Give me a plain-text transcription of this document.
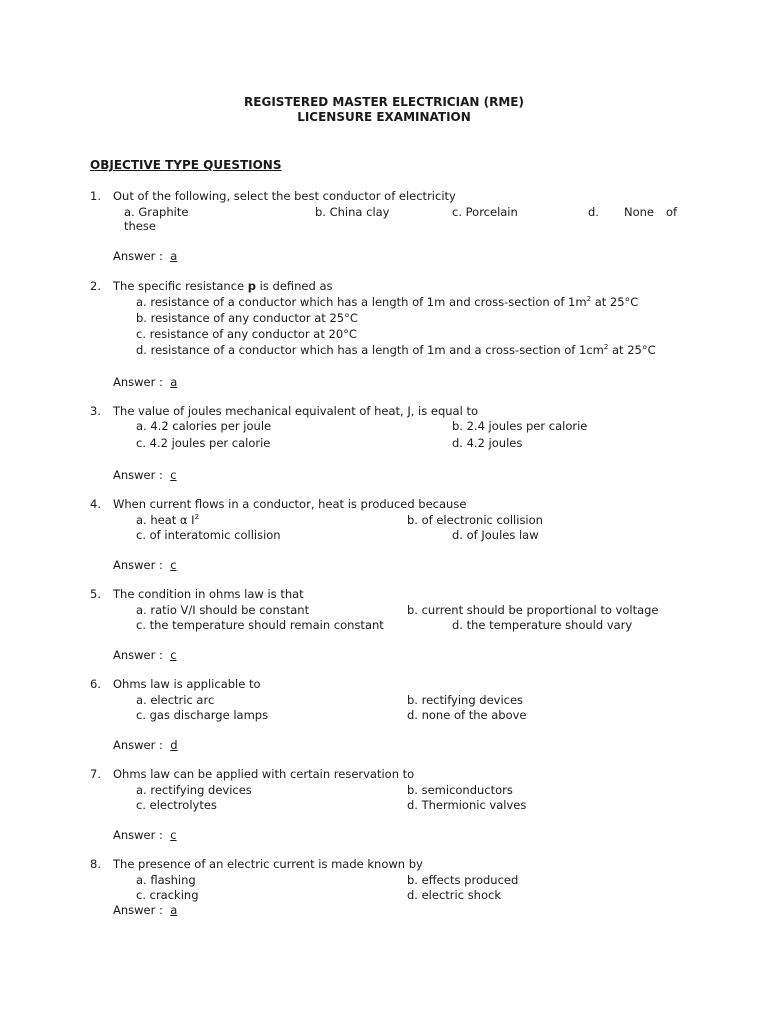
REGISTERED MASTER ELECTRICIAN (RME)
LICENSURE EXAMINATION
OBJECTIVE TYPE QUESTIONS
1. Out of the following, select the best conductor of electricity
a. Graphite	b. China clay	c. Porcelain	d. None of
these
Answer : a
2. The specific resistance p is defined as
a. resistance of a conductor which has a length of 1m and cross-section of $1m^2$ at 25°C
b. resistance of any conductor at 25°C
c. resistance of any conductor at 20°C
d. resistance of a conductor which has a length of 1m and a cross-section of $1cm^2$ at 25°C
Answer : a
3. The value of joules mechanical equivalent of heat, J, is equal to
a. 4.2 calories per joule	b. 2.4 joules per calorie
c. 4.2 joules per calorie	d. 4.2 joules
Answer : c
4. When current flows in a conductor, heat is produced because
a. heat α $I^2$	b. of electronic collision
c. of interatomic collision	d. of Joules law
Answer : c
5. The condition in ohms law is that
a. ratio V/I should be constant	b. current should be proportional to voltage
c. the temperature should remain constant	d. the temperature should vary
Answer : c
6. Ohms law is applicable to
a. electric arc	b. rectifying devices
c. gas discharge lamps	d. none of the above
Answer : d
7. Ohms law can be applied with certain reservation to
a. rectifying devices	b. semiconductors
c. electrolytes	d. Thermionic valves
Answer : c
8. The presence of an electric current is made known by
a. flashing	b. effects produced
c. cracking	d. electric shock
Answer : a
